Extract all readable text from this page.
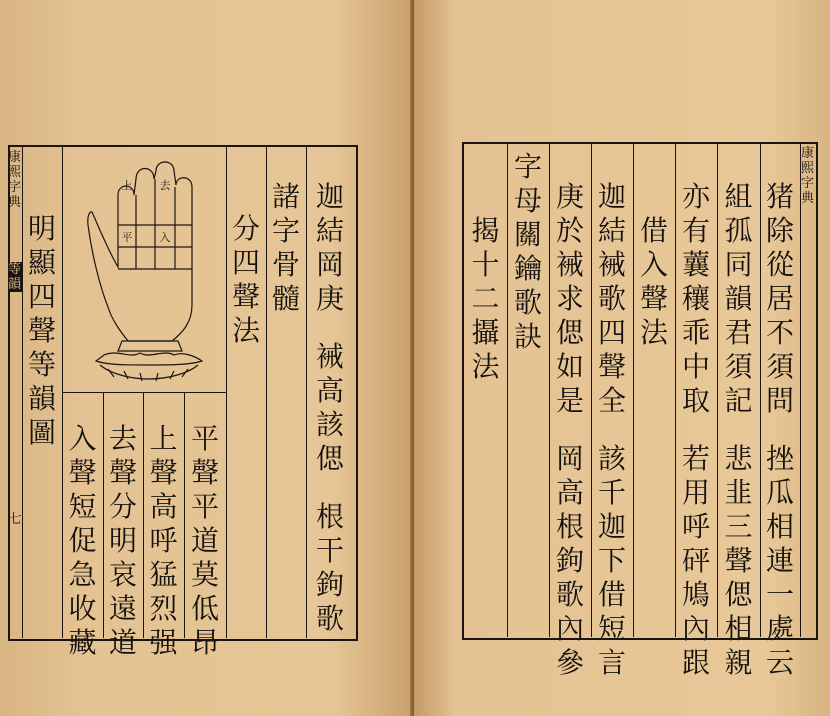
康熙字典
等韻
七
迦
結
岡
庚
裓
高
該
偲
根
干
鉤
歌
諸
字
骨
髓
分
四
聲
法
平
聲
平
道
莫
低
昂
上
聲
高
呼
猛
烈
强
去
聲
分
明
哀
遠
道
入
聲
短
促
急
收
藏
明
顯
四
聲
等
韻
圖
上 去
平 入
康熙字典
猪
除
從
居
不
須
問
挫
瓜
相
連
一
處
云
組
孤
同
韻
君
須
記
悲
韭
三
聲
偲
相
親
亦
有
蘘
穰
乖
中
取
若
用
呼
砰
鳩
內
跟
借
入
聲
法
迦
結
裓
歌
四
聲
全
該
千
迦
下
借
短
言
庚
於
裓
求
偲
如
是
岡
高
根
鉤
歌
內
參
字
母
關
鑰
歌
訣
揭
十
二
攝
法
